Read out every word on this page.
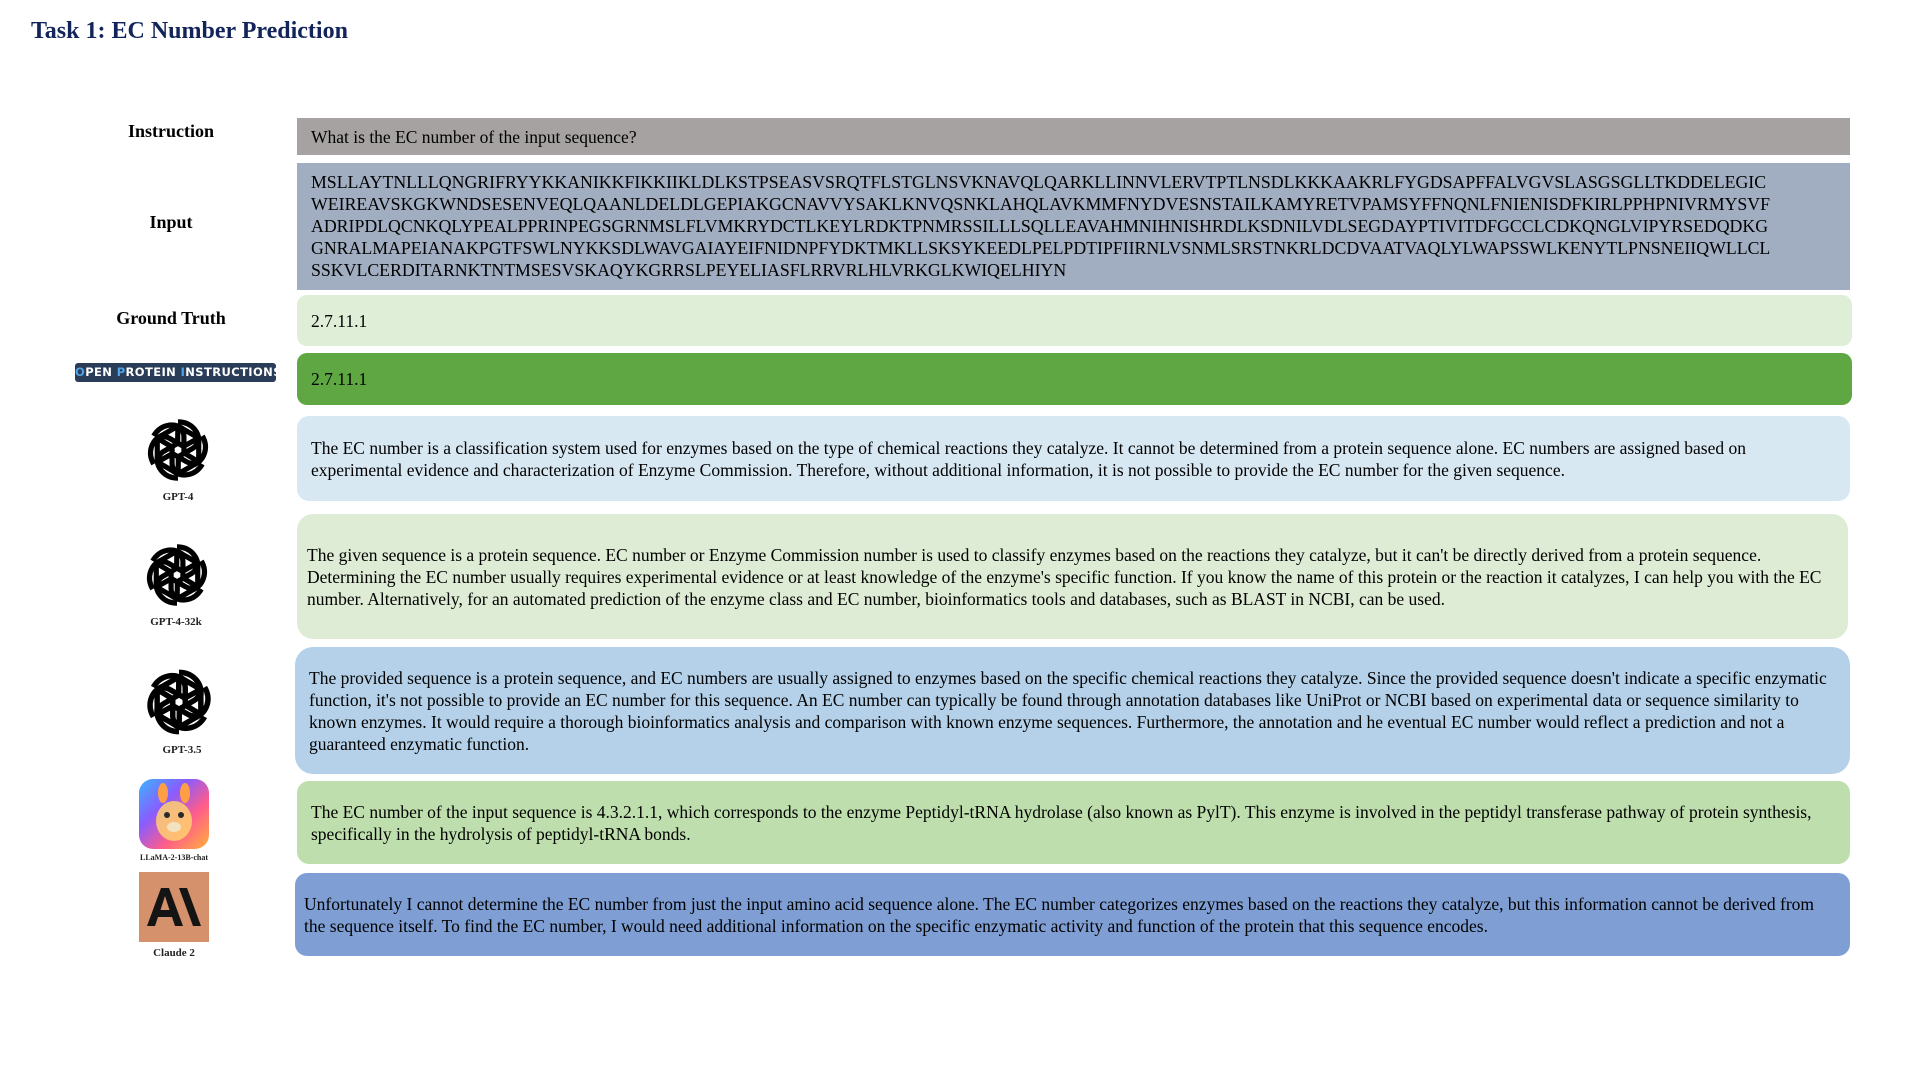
Task 1: EC Number Prediction
Instruction	What is the EC number of the input sequence?
Input
MSLLAYTNLLLQNGRIFRYYKKANIKKFIKKIIKLDLKSTPSEASVSRQTFLSTGLNSVKNAVQLQARKLLINNVLERVTPTLNSDLKKKAAKRLFYGDSAPFFALVGVSLASGSGLLTKDDELEGIC
WEIREAVSKGKWNDSESENVEQLQAANLDELDLGEPIAKGCNAVVYSAKLKNVQSNKLAHQLAVKMMFNYDVESNSTAILKAMYRETVPAMSYFFNQNLFNIENISDFKIRLPPHPNIVRMYSVF
ADRIPDLQCNKQLYPEALPPRINPEGSGRNMSLFLVMKRYDCTLKEYLRDKTPNMRSSILLLSQLLEAVAHMNIHNISHRDLKSDNILVDLSEGDAYPTIVITDFGCCLCDKQNGLVIPYRSEDQDKG
GNRALMAPEIANAKPGTFSWLNYKKSDLWAVGAIAYEIFNIDNPFYDKTMKLLSKSYKEEDLPELPDTIPFIIRNLVSNMLSRSTNKRLDCDVAATVAQLYLWAPSSWLKENYTLPNSNEIIQWLLCL
SSKVLCERDITARNKTNTMSESVSKAQYKGRRSLPEYELIASFLRRVRLHLVRKGLKWIQELHIYN
Ground Truth	2.7.11.1
OPEN PROTEIN INSTRUCTIONS 2.7.11.1
GPT-4
The EC number is a classification system used for enzymes based on the type of chemical reactions they catalyze. It cannot be determined from a protein sequence alone. EC numbers are assigned based on experimental evidence and characterization of Enzyme Commission. Therefore, without additional information, it is not possible to provide the EC number for the given sequence.
GPT-4-32k
The given sequence is a protein sequence. EC number or Enzyme Commission number is used to classify enzymes based on the reactions they catalyze, but it can't be directly derived from a protein sequence. Determining the EC number usually requires experimental evidence or at least knowledge of the enzyme's specific function. If you know the name of this protein or the reaction it catalyzes, I can help you with the EC number. Alternatively, for an automated prediction of the enzyme class and EC number, bioinformatics tools and databases, such as BLAST in NCBI, can be used.
GPT-3.5
The provided sequence is a protein sequence, and EC numbers are usually assigned to enzymes based on the specific chemical reactions they catalyze. Since the provided sequence doesn't indicate a specific enzymatic function, it's not possible to provide an EC number for this sequence. An EC number can typically be found through annotation databases like UniProt or NCBI based on experimental data or sequence similarity to known enzymes. It would require a thorough bioinformatics analysis and comparison with known enzyme sequences. Furthermore, the annotation and he eventual EC number would reflect a prediction and not a guaranteed enzymatic function.
LLaMA-2-13B-chat
The EC number of the input sequence is 4.3.2.1.1, which corresponds to the enzyme Peptidyl-tRNA hydrolase (also known as PylT). This enzyme is involved in the peptidyl transferase pathway of protein synthesis, specifically in the hydrolysis of peptidyl-tRNA bonds.
Claude 2
Unfortunately I cannot determine the EC number from just the input amino acid sequence alone. The EC number categorizes enzymes based on the reactions they catalyze, but this information cannot be derived from the sequence itself. To find the EC number, I would need additional information on the specific enzymatic activity and function of the protein that this sequence encodes.
